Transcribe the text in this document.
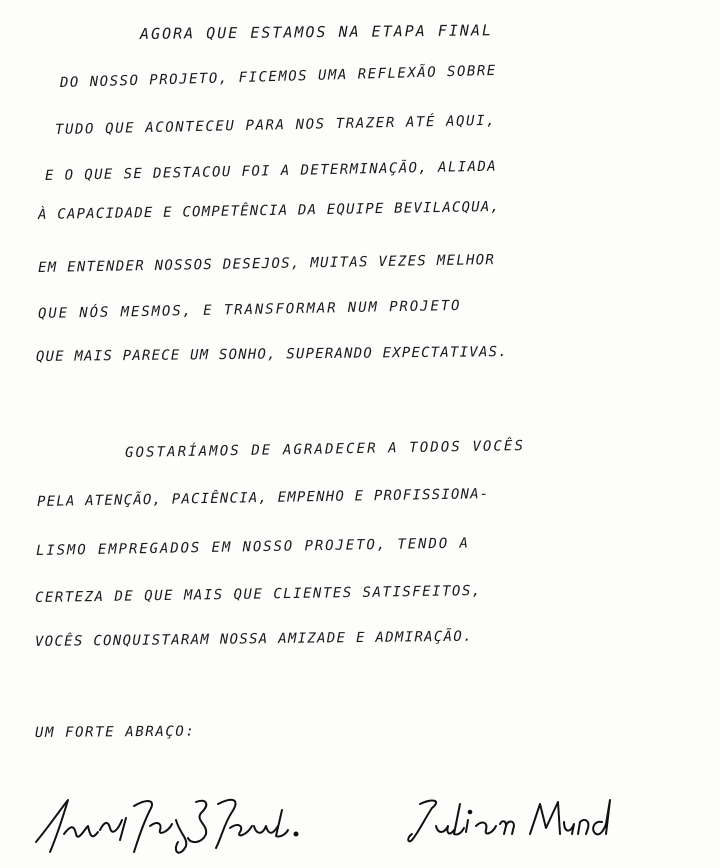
AGORA QUE ESTAMOS NA ETAPA FINAL
DO NOSSO PROJETO, FICEMOS UMA REFLEXÃO SOBRE
TUDO QUE ACONTECEU PARA NOS TRAZER ATÉ AQUI,
E O QUE SE DESTACOU FOI A DETERMINAÇÃO, ALIADA
À CAPACIDADE E COMPETÊNCIA DA EQUIPE BEVILACQUA,
EM ENTENDER NOSSOS DESEJOS, MUITAS VEZES MELHOR
QUE NÓS MESMOS, E TRANSFORMAR NUM PROJETO
QUE MAIS PARECE UM SONHO, SUPERANDO EXPECTATIVAS.
GOSTARÍAMOS DE AGRADECER A TODOS VOCÊS
PELA ATENÇÃO, PACIÊNCIA, EMPENHO E PROFISSIONA-
LISMO EMPREGADOS EM NOSSO PROJETO, TENDO A
CERTEZA DE QUE MAIS QUE CLIENTES SATISFEITOS,
VOCÊS CONQUISTARAM NOSSA AMIZADE E ADMIRAÇÃO.
UM FORTE ABRAÇO:
